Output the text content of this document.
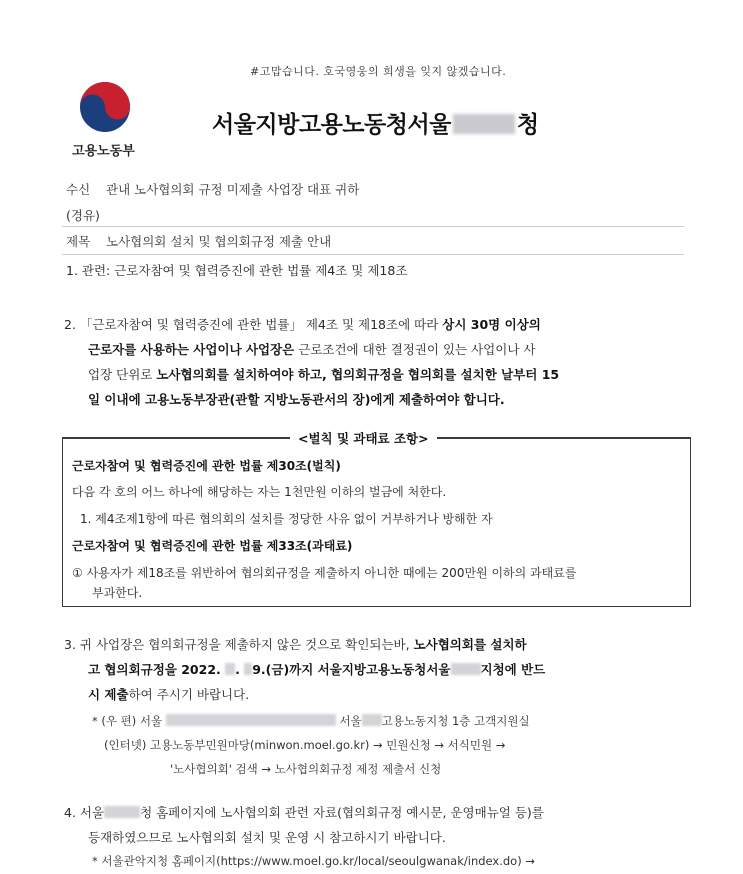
#고맙습니다. 호국영웅의 희생을 잊지 않겠습니다.
고용노동부
서울지방고용노동청서울	청
수신 관내 노사협의회 규정 미제출 사업장 대표 귀하
(경유)
제목 노사협의회 설치 및 협의회규정 제출 안내
1. 관련: 근로자참여 및 협력증진에 관한 법률 제4조 및 제18조
2. 「근로자참여 및 협력증진에 관한 법률」 제4조 및 제18조에 따라 상시 30명 이상의
근로자를 사용하는 사업이나 사업장은 근로조건에 대한 결정권이 있는 사업이나 사
업장 단위로 노사협의회를 설치하여야 하고, 협의회규정을 협의회를 설치한 날부터 15
일 이내에 고용노동부장관(관할 지방노동관서의 장)에게 제출하여야 합니다.
<벌칙 및 과태료 조항>
근로자참여 및 협력증진에 관한 법률 제30조(벌칙)
다음 각 호의 어느 하나에 해당하는 자는 1천만원 이하의 벌금에 처한다.
1. 제4조제1항에 따른 협의회의 설치를 정당한 사유 없이 거부하거나 방해한 자
근로자참여 및 협력증진에 관한 법률 제33조(과태료)
① 사용자가 제18조를 위반하여 협의회규정을 제출하지 아니한 때에는 200만원 이하의 과태료를
부과한다.
3. 귀 사업장은 협의회규정을 제출하지 않은 것으로 확인되는바, 노사협의회를 설치하
고 협의회규정을 2022. . 9.(금)까지 서울지방고용노동청서울 지청에 반드
시 제출하여 주시기 바랍니다.
* (우 편) 서울	서울 고용노동지청 1층 고객지원실
(인터넷) 고용노동부민원마당(minwon.moel.go.kr) → 민원신청 → 서식민원 →
'노사협의회' 검색 → 노사협의회규정 제정 제출서 신청
4. 서울	청 홈페이지에 노사협의회 관련 자료(협의회규정 예시문, 운영매뉴얼 등)를
등재하였으므로 노사협의회 설치 및 운영 시 참고하시기 바랍니다.
* 서울관악지청 홈페이지(https://www.moel.go.kr/local/seoulgwanak/index.do) →
